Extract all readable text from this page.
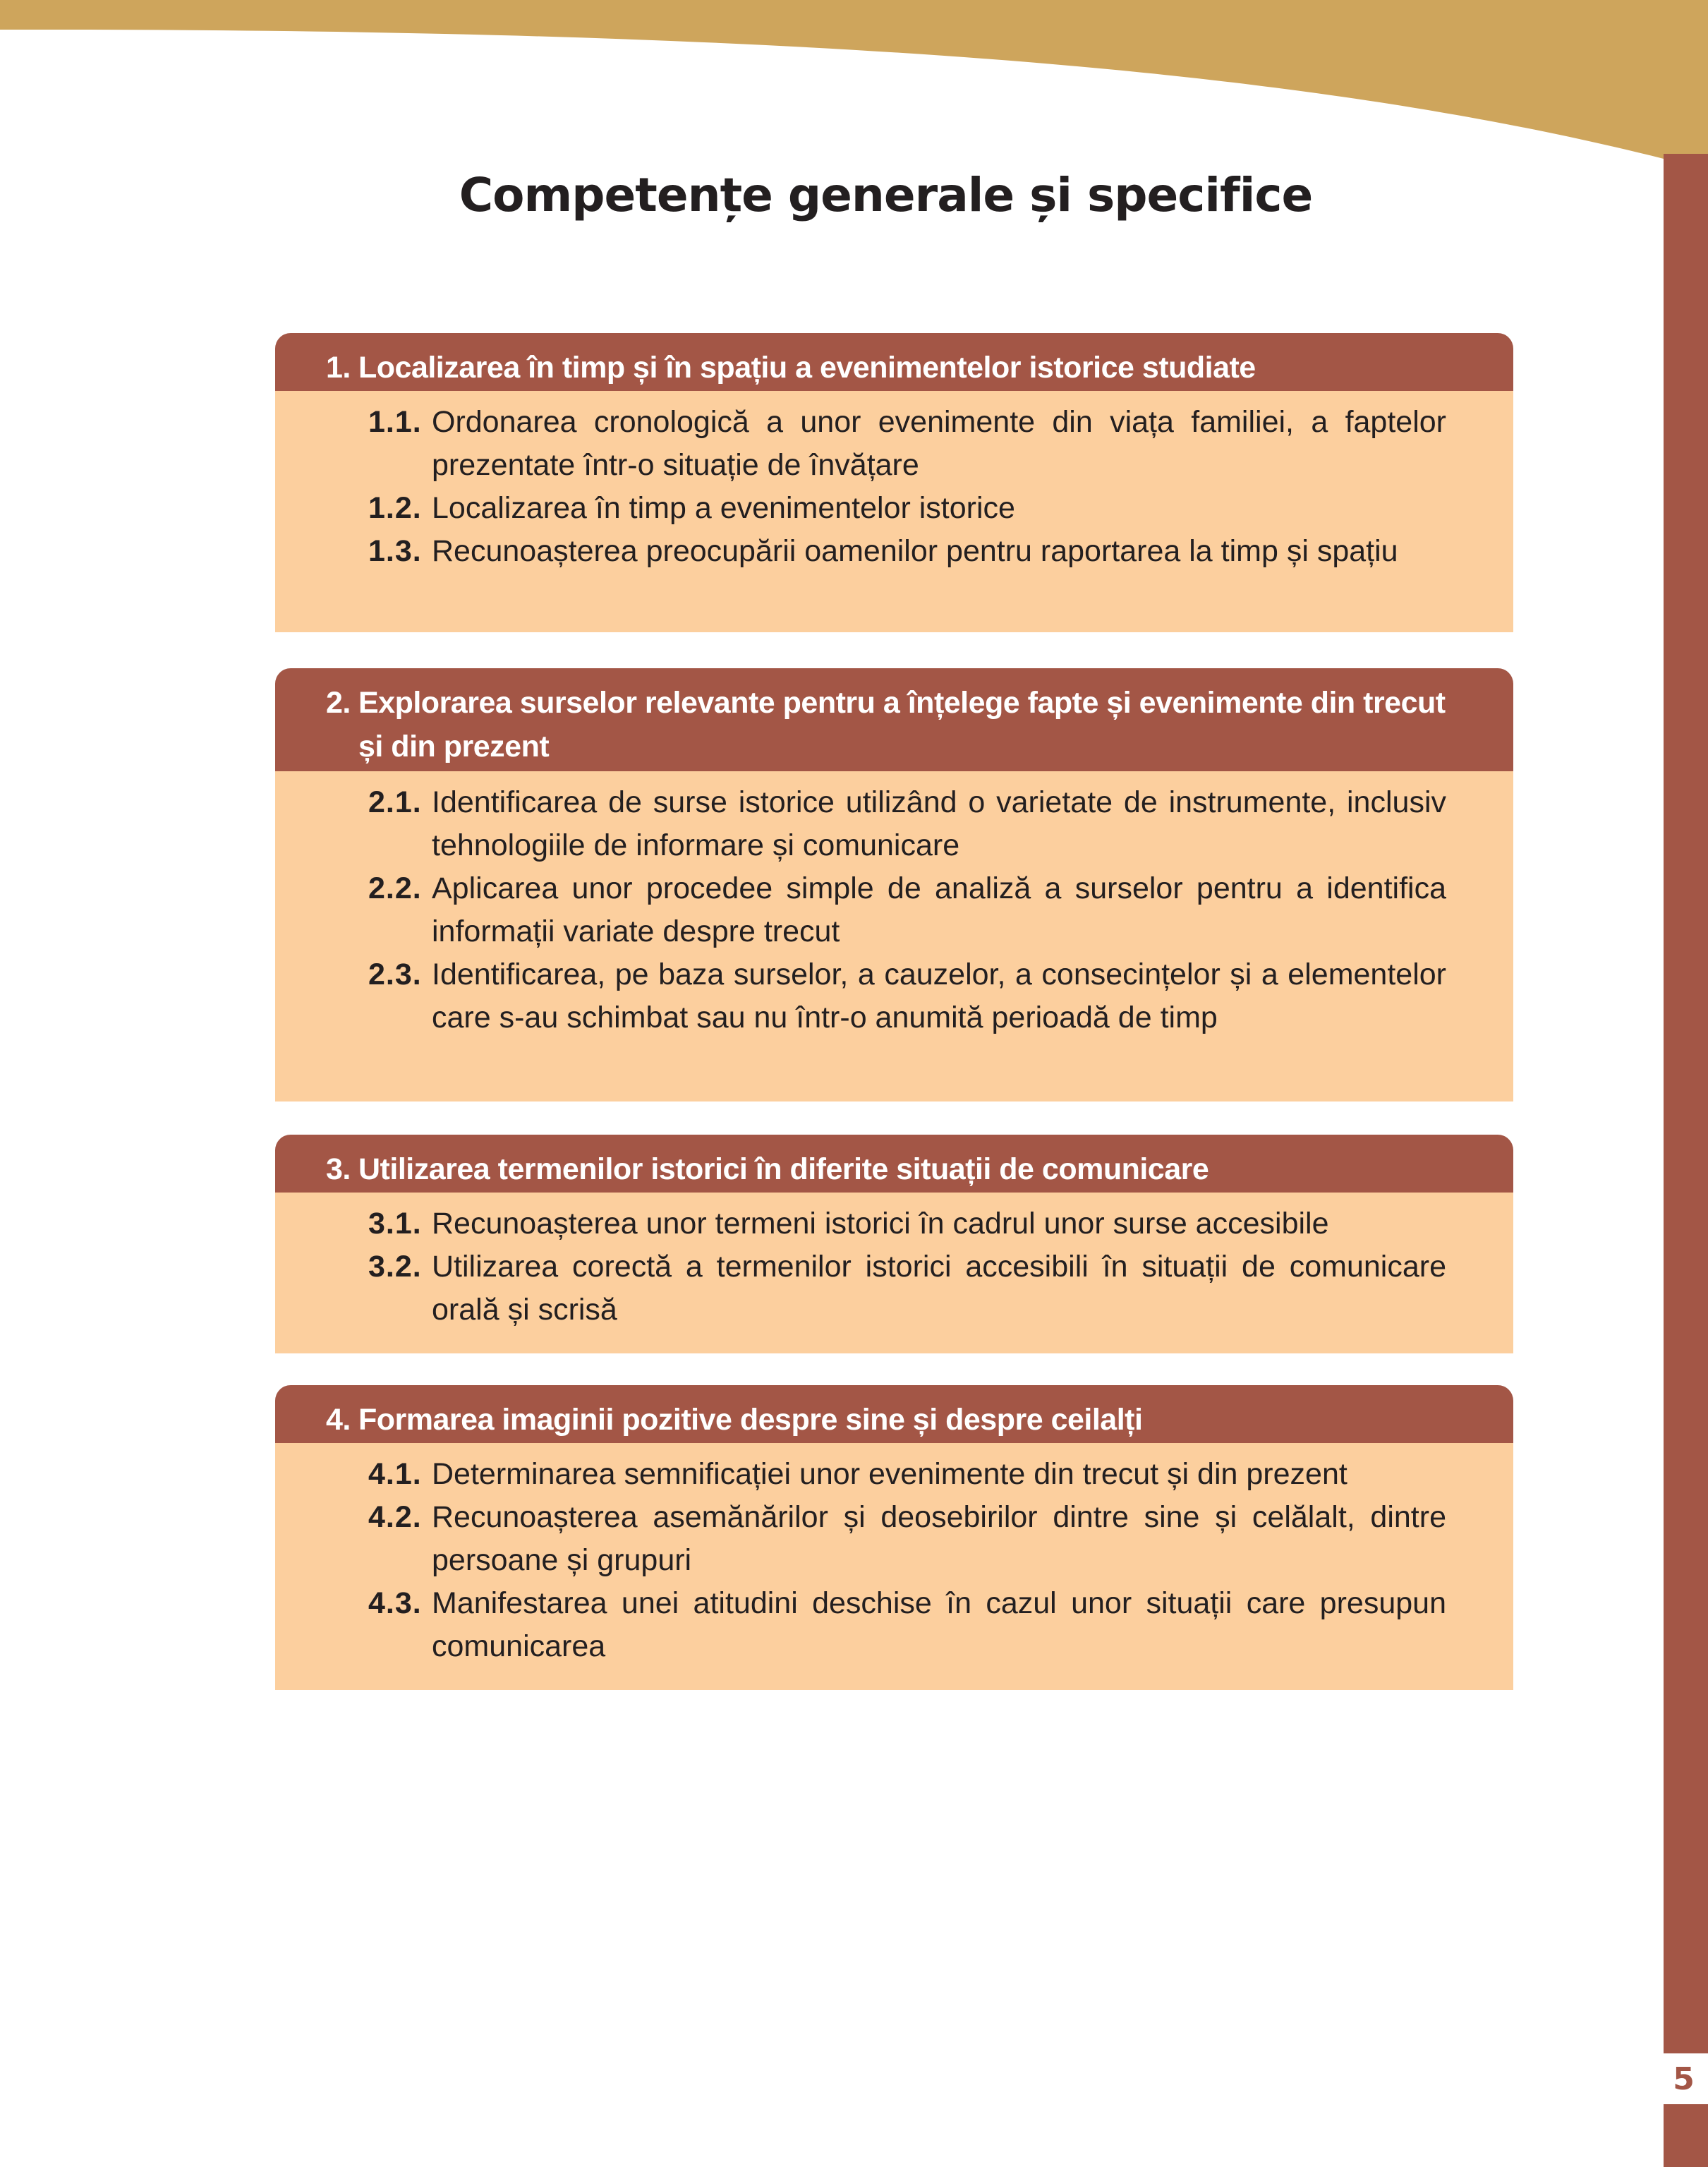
5
Competențe generale și specifice
1. Localizarea în timp și în spațiu a evenimentelor istorice studiate
1.1. Ordonarea cronologică a unor evenimente din viața familiei, a faptelor prezentate într-o situație de învățare
1.2. Localizarea în timp a evenimentelor istorice
1.3. Recunoașterea preocupării oamenilor pentru raportarea la timp și spațiu
2. Explorarea surselor relevante pentru a înțelege fapte și evenimente din trecut și din prezent
2.1. Identificarea de surse istorice utilizând o varietate de instrumente, inclusiv tehnologiile de informare și comunicare
2.2. Aplicarea unor procedee simple de analiză a surselor pentru a identifica informații variate despre trecut
2.3. Identificarea, pe baza surselor, a cauzelor, a consecințelor și a elementelor care s-au schimbat sau nu într-o anumită perioadă de timp
3. Utilizarea termenilor istorici în diferite situații de comunicare
3.1. Recunoașterea unor termeni istorici în cadrul unor surse accesibile
3.2. Utilizarea corectă a termenilor istorici accesibili în situații de comunicare orală și scrisă
4. Formarea imaginii pozitive despre sine și despre ceilalți
4.1. Determinarea semnificației unor evenimente din trecut și din prezent
4.2. Recunoașterea asemănărilor și deosebirilor dintre sine și celălalt, dintre persoane și grupuri
4.3. Manifestarea unei atitudini deschise în cazul unor situații care presupun comunicarea
